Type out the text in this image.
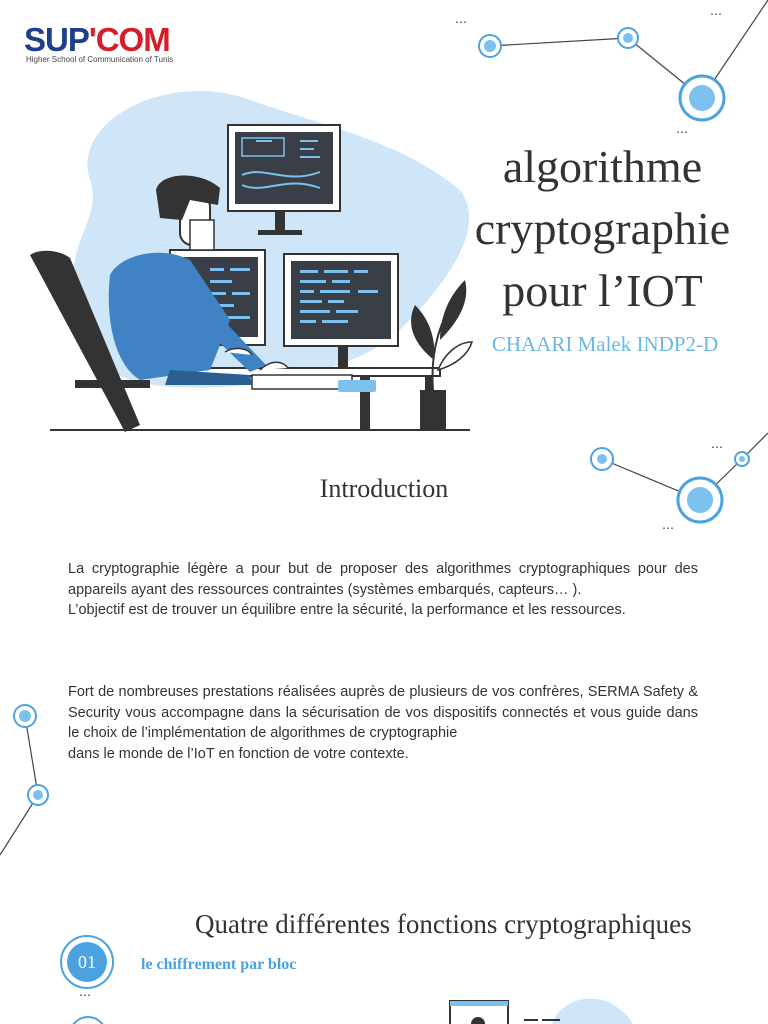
SUP'COM
Higher School of Communication of Tunis
…
…
…
algorithme
cryptographie
pour l’IOT
CHAARI Malek INDP2-D
…
…
Introduction

La cryptographie légère a pour but de proposer des algorithmes cryptographiques pour des appareils ayant des ressources contraintes (systèmes embarqués, capteurs… ).

L’objectif est de trouver un équilibre entre la sécurité, la performance et les ressources.

Fort de nombreuses prestations réalisées auprès de plusieurs de vos confrères, SERMA Safety & Security vous accompagne dans la sécurisation de vos dispositifs connectés et vous guide dans le choix de l’implémentation de algorithmes de cryptographie

dans le monde de l’IoT en fonction de votre contexte.

Quatre différentes fonctions cryptographiques
01
…
le chiffrement par bloc
